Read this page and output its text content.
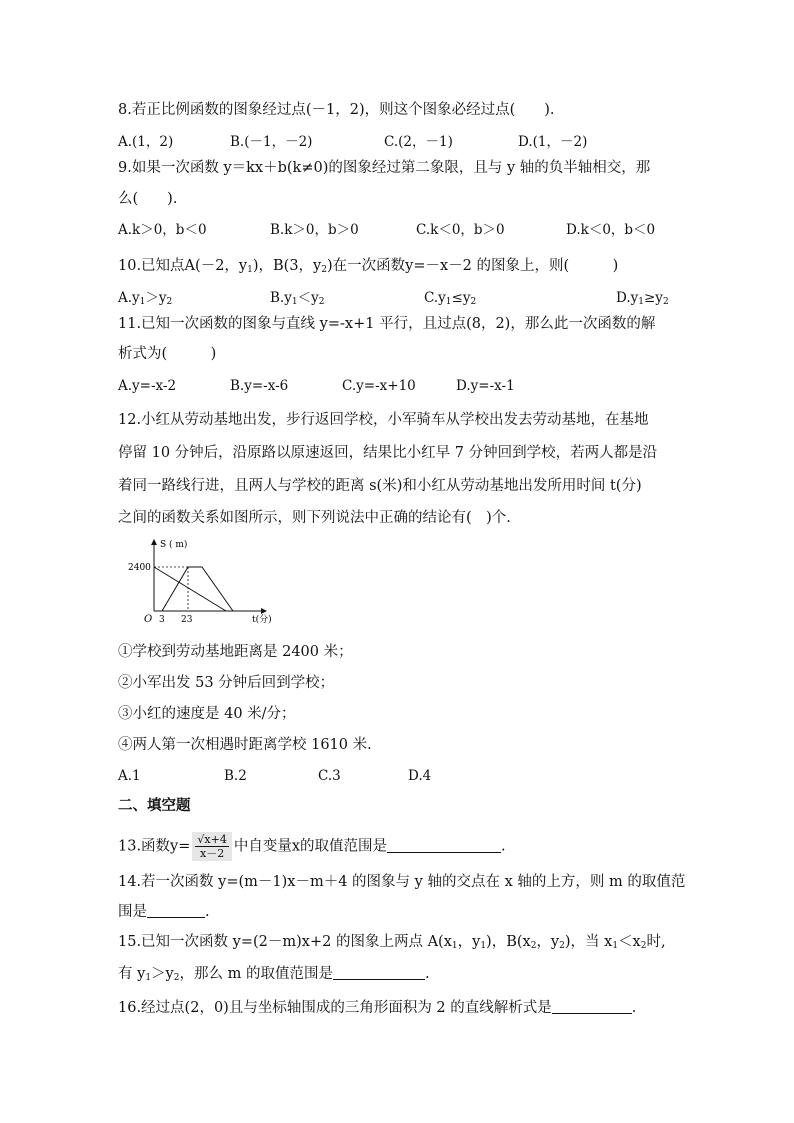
8.若正比例函数的图象经过点(－1，2)，则这个图象必经过点(　　).
A.(1，2)	B.(－1，－2)	C.(2，－1)	D.(1，－2)
9.如果一次函数 y＝kx＋b(k≠0)的图象经过第二象限，且与 y 轴的负半轴相交，那
么(　　).
A.k＞0，b＜0	B.k＞0，b＞0	C.k＜0，b＞0	D.k＜0，b＜0
10.已知点A(－2，$y_1$)，B(3，$y_2$)在一次函数y=－x－2 的图象上，则(　　　)
$A.y_1>y_2$	$B.y_1<y_2$	$C.y_1\le y_2$	$D.y_1\ge y_2$
11.已知一次函数的图象与直线 y=-x+1 平行，且过点(8，2)，那么此一次函数的解
析式为(　　　)
A.y=-x-2	B.y=-x-6	C.y=-x+10	D.y=-x-1
12.小红从劳动基地出发，步行返回学校，小军骑车从学校出发去劳动基地，在基地
停留 10 分钟后，沿原路以原速返回，结果比小红早 7 分钟回到学校，若两人都是沿
着同一路线行进，且两人与学校的距离 s(米)和小红从劳动基地出发所用时间 t(分)
之间的函数关系如图所示，则下列说法中正确的结论有(　)个.
S ( m)
2400
O 3 23	t(分)
①学校到劳动基地距离是 2400 米；
②小军出发 53 分钟后回到学校；
③小红的速度是 40 米/分；
④两人第一次相遇时距离学校 1610 米.
A.1	B.2	C.3	D.4
二、填空题
13.函数$y= \frac{√x+4}{x-2}$ 中自变量x的取值范围是	.
14.若一次函数 y=(m－1)x－m＋4 的图象与 y 轴的交点在 x 轴的上方，则 m 的取值范
围是	.
15.已知一次函数 y=(2－m)x+2 的图象上两点 $A(x_1$，$y_1$)，$B(x_2$，$y_2$)，当 $x_1<x_2$时,
有 $y_1>y_2$，那么 m 的取值范围是	.
16.经过点(2，0)且与坐标轴围成的三角形面积为 2 的直线解析式是	.
